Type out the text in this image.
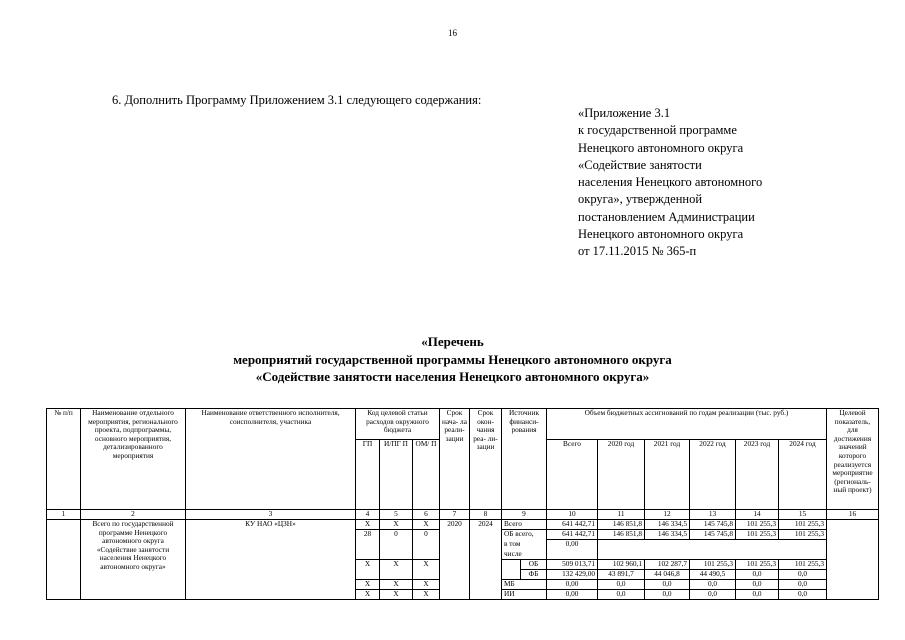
16
6. Дополнить Программу Приложением 3.1 следующего содержания:
«Приложение 3.1
к государственной программе
Ненецкого автономного округа
«Содействие занятости
населения Ненецкого автономного
округа», утвержденной
постановлением Администрации
Ненецкого автономного округа
от 17.11.2015 № 365-п
«Перечень
мероприятий государственной программы Ненецкого автономного округа
«Содействие занятости населения Ненецкого автономного округа»
№ п/п	Наименование отдельного мероприятия, регионального проекта, подпрограммы, основного мероприятия, детализированного мероприятия	Наименование ответственного исполнителя, соисполнителя, участника	Код целевой статьи расходов окружного бюджета			Срок нача- ла реали- зации	Срок окон- чания реа- ли- зации	Источник финанси- рования		Объем бюджетных ассигнований по годам реализации (тыс. руб.)						Целевой показатель, для достижения значений которого реализуется мероприятие (региональ- ный проект)
			ГП	И/ПГ П	ОМ/ П					Всего	2020 год	2021 год	2022 год	2023 год	2024 год	
1	2	3	4	5	6	7	8	9		10	11	12	13	14	15	16
	Всего по государственной программе Ненецкого автономного округа «Содействие занятости населения Ненецкого автономного округа»	КУ НАО «ЦЗН»	Х	Х	Х	2020	2024	Всего		641 442,71	146 851,8	146 334,5	145 745,8	101 255,3	101 255,3	
			28	0	0			ОБ всего,		641 442,71	146 851,8	146 334,5	145 745,8	101 255,3	101 255,3	
								в том		0,00						
								числе								
			Х	Х	Х				ОБ	509 013,71	102 960,1	102 287,7	101 255,3	101 255,3	101 255,3	
									ФБ	132 429,00	43 891,7	44 046,8	44 490,5	0,0	0,0	
			Х	Х	Х			МБ		0,00	0,0	0,0	0,0	0,0	0,0	
			Х	Х	Х			ИИ		0,00	0,0	0,0	0,0	0,0	0,0	
